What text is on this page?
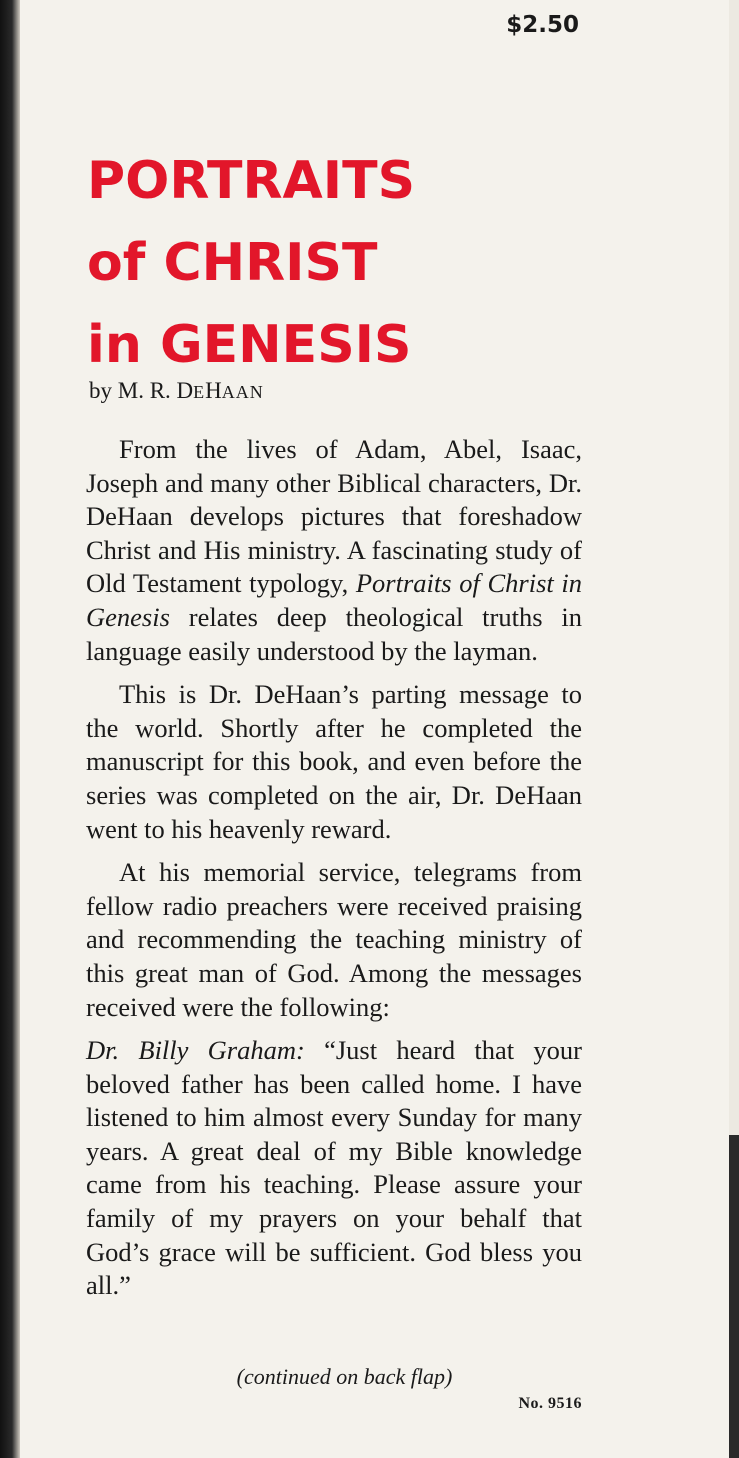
$2.50
PORTRAITS
of CHRIST
in GENESIS
by M. R. DEHAAN

From the lives of Adam, Abel, Isaac, Joseph and many other Biblical characters, Dr. DeHaan develops pictures that foreshadow Christ and His ministry. A fascinating study of Old Testament typology, Portraits of Christ in Genesis relates deep theological truths in language easily understood by the layman.

This is Dr. DeHaan’s parting message to the world. Shortly after he completed the manuscript for this book, and even before the series was completed on the air, Dr. DeHaan went to his heavenly reward.

At his memorial service, telegrams from fellow radio preachers were received praising and recommending the teaching ministry of this great man of God. Among the messages received were the following:

Dr. Billy Graham: “Just heard that your beloved father has been called home. I have listened to him almost every Sunday for many years. A great deal of my Bible knowledge came from his teaching. Please assure your family of my prayers on your behalf that God’s grace will be sufficient. God bless you all.”

(continued on back flap)
No. 9516
